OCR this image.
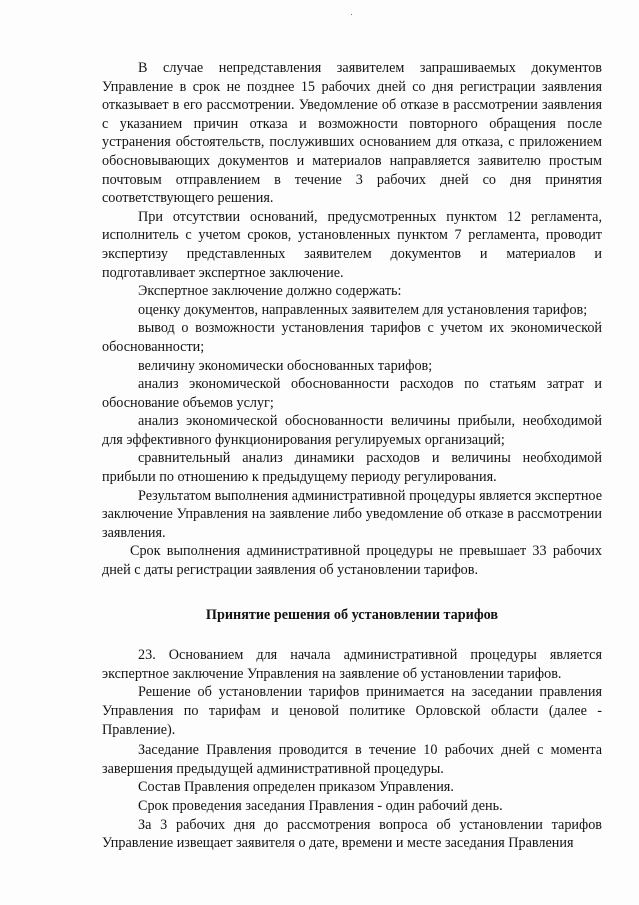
В случае непредставления заявителем запрашиваемых документов Управление в срок не позднее 15 рабочих дней со дня регистрации заявления отказывает в его рассмотрении. Уведомление об отказе в рассмотрении заявления с указанием причин отказа и возможности повторного обращения после устранения обстоятельств, послуживших основанием для отказа, с приложением обосновывающих документов и материалов направляется заявителю простым почтовым отправлением в течение 3 рабочих дней со дня принятия соответствующего решения.

При отсутствии оснований, предусмотренных пунктом 12 регламента, исполнитель с учетом сроков, установленных пунктом 7 регламента, проводит экспертизу представленных заявителем документов и материалов и подготавливает экспертное заключение.

Экспертное заключение должно содержать:

оценку документов, направленных заявителем для установления тарифов;

вывод о возможности установления тарифов с учетом их экономической обоснованности;

величину экономически обоснованных тарифов;

анализ экономической обоснованности расходов по статьям затрат и обоснование объемов услуг;

анализ экономической обоснованности величины прибыли, необходимой для эффективного функционирования регулируемых организаций;

сравнительный анализ динамики расходов и величины необходимой прибыли по отношению к предыдущему периоду регулирования.

Результатом выполнения административной процедуры является экспертное заключение Управления на заявление либо уведомление об отказе в рассмотрении заявления.

Срок выполнения административной процедуры не превышает 33 рабочих дней с даты регистрации заявления об установлении тарифов.

Принятие решения об установлении тарифов

23. Основанием для начала административной процедуры является экспертное заключение Управления на заявление об установлении тарифов.

Решение об установлении тарифов принимается на заседании правления Управления по тарифам и ценовой политике Орловской области (далее - Правление).

Заседание Правления проводится в течение 10 рабочих дней с момента завершения предыдущей административной процедуры.

Состав Правления определен приказом Управления.

Срок проведения заседания Правления - один рабочий день.

За 3 рабочих дня до рассмотрения вопроса об установлении тарифов Управление извещает заявителя о дате, времени и месте заседания Правления
